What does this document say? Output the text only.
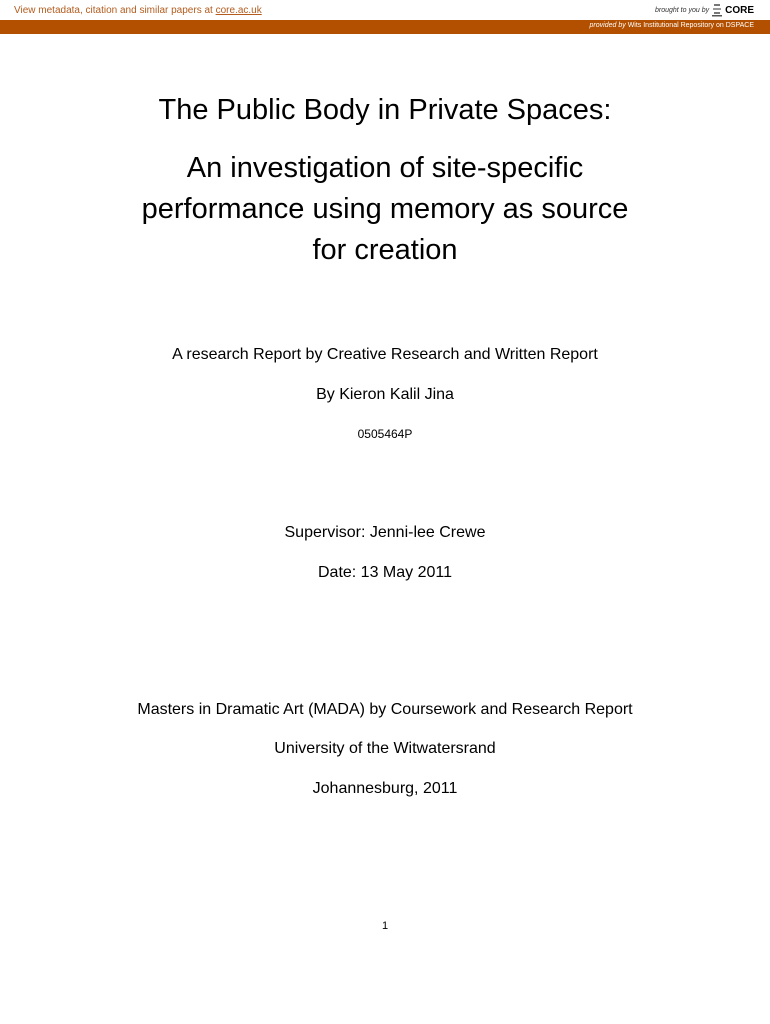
View metadata, citation and similar papers at core.ac.uk	brought to you by CORE
provided by Wits Institutional Repository on DSPACE
The Public Body in Private Spaces:
An investigation of site-specific
performance using memory as source
for creation
A research Report by Creative Research and Written Report
By Kieron Kalil Jina
0505464P
Supervisor: Jenni-lee Crewe
Date: 13 May 2011
Masters in Dramatic Art (MADA) by Coursework and Research Report
University of the Witwatersrand
Johannesburg, 2011
1
